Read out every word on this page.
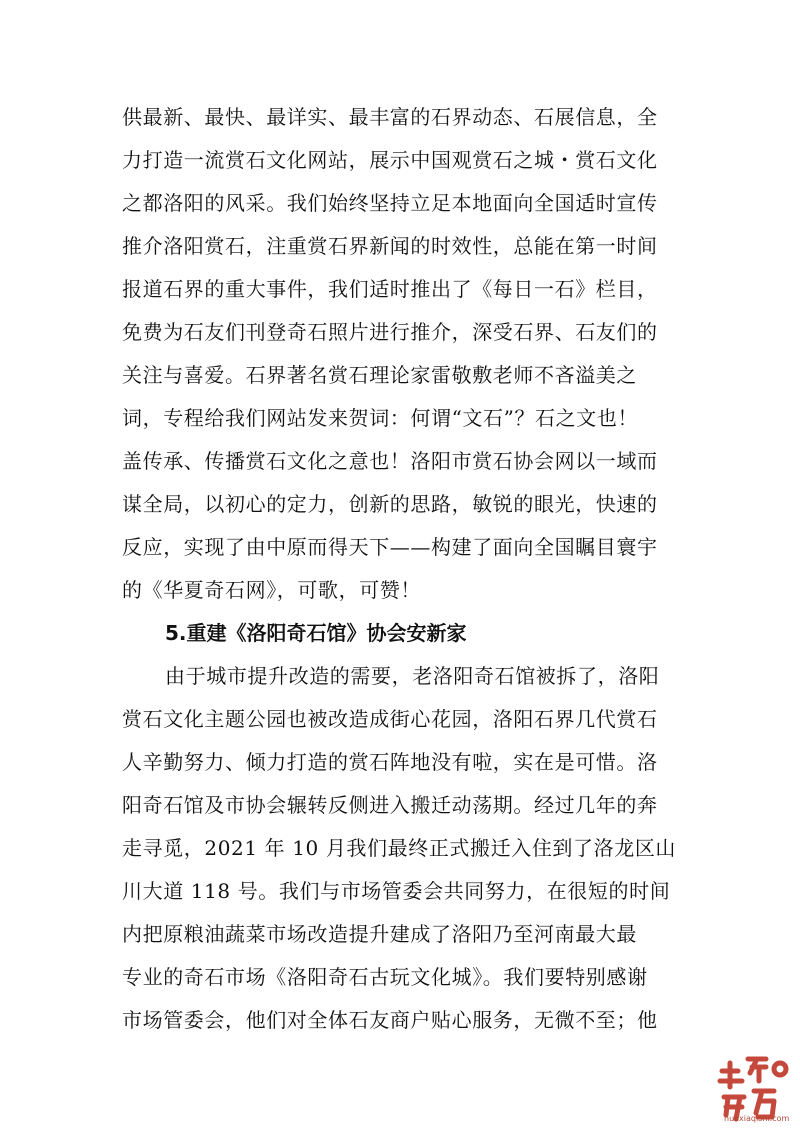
供最新、最快、最详实、最丰富的石界动态、石展信息，全
力打造一流赏石文化网站，展示中国观赏石之城・赏石文化
之都洛阳的风采。我们始终坚持立足本地面向全国适时宣传
推介洛阳赏石，注重赏石界新闻的时效性，总能在第一时间
报道石界的重大事件，我们适时推出了《每日一石》栏目，
免费为石友们刊登奇石照片进行推介，深受石界、石友们的
关注与喜爱。石界著名赏石理论家雷敬敷老师不吝溢美之
词，专程给我们网站发来贺词：何谓“文石”？石之文也！
盖传承、传播赏石文化之意也！洛阳市赏石协会网以一域而
谋全局，以初心的定力，创新的思路，敏锐的眼光，快速的
反应，实现了由中原而得天下——构建了面向全国瞩目寰宇
的《华夏奇石网》，可歌，可赞！
5.重建《洛阳奇石馆》协会安新家
由于城市提升改造的需要，老洛阳奇石馆被拆了，洛阳
赏石文化主题公园也被改造成街心花园，洛阳石界几代赏石
人辛勤努力、倾力打造的赏石阵地没有啦，实在是可惜。洛
阳奇石馆及市协会辗转反侧进入搬迁动荡期。经过几年的奔
走寻觅，2021 年 10 月我们最终正式搬迁入住到了洛龙区山
川大道 118 号。我们与市场管委会共同努力，在很短的时间
内把原粮油蔬菜市场改造提升建成了洛阳乃至河南最大最
专业的奇石市场《洛阳奇石古玩文化城》。我们要特别感谢
市场管委会，他们对全体石友商户贴心服务，无微不至；他
huaxiaqishi.com
